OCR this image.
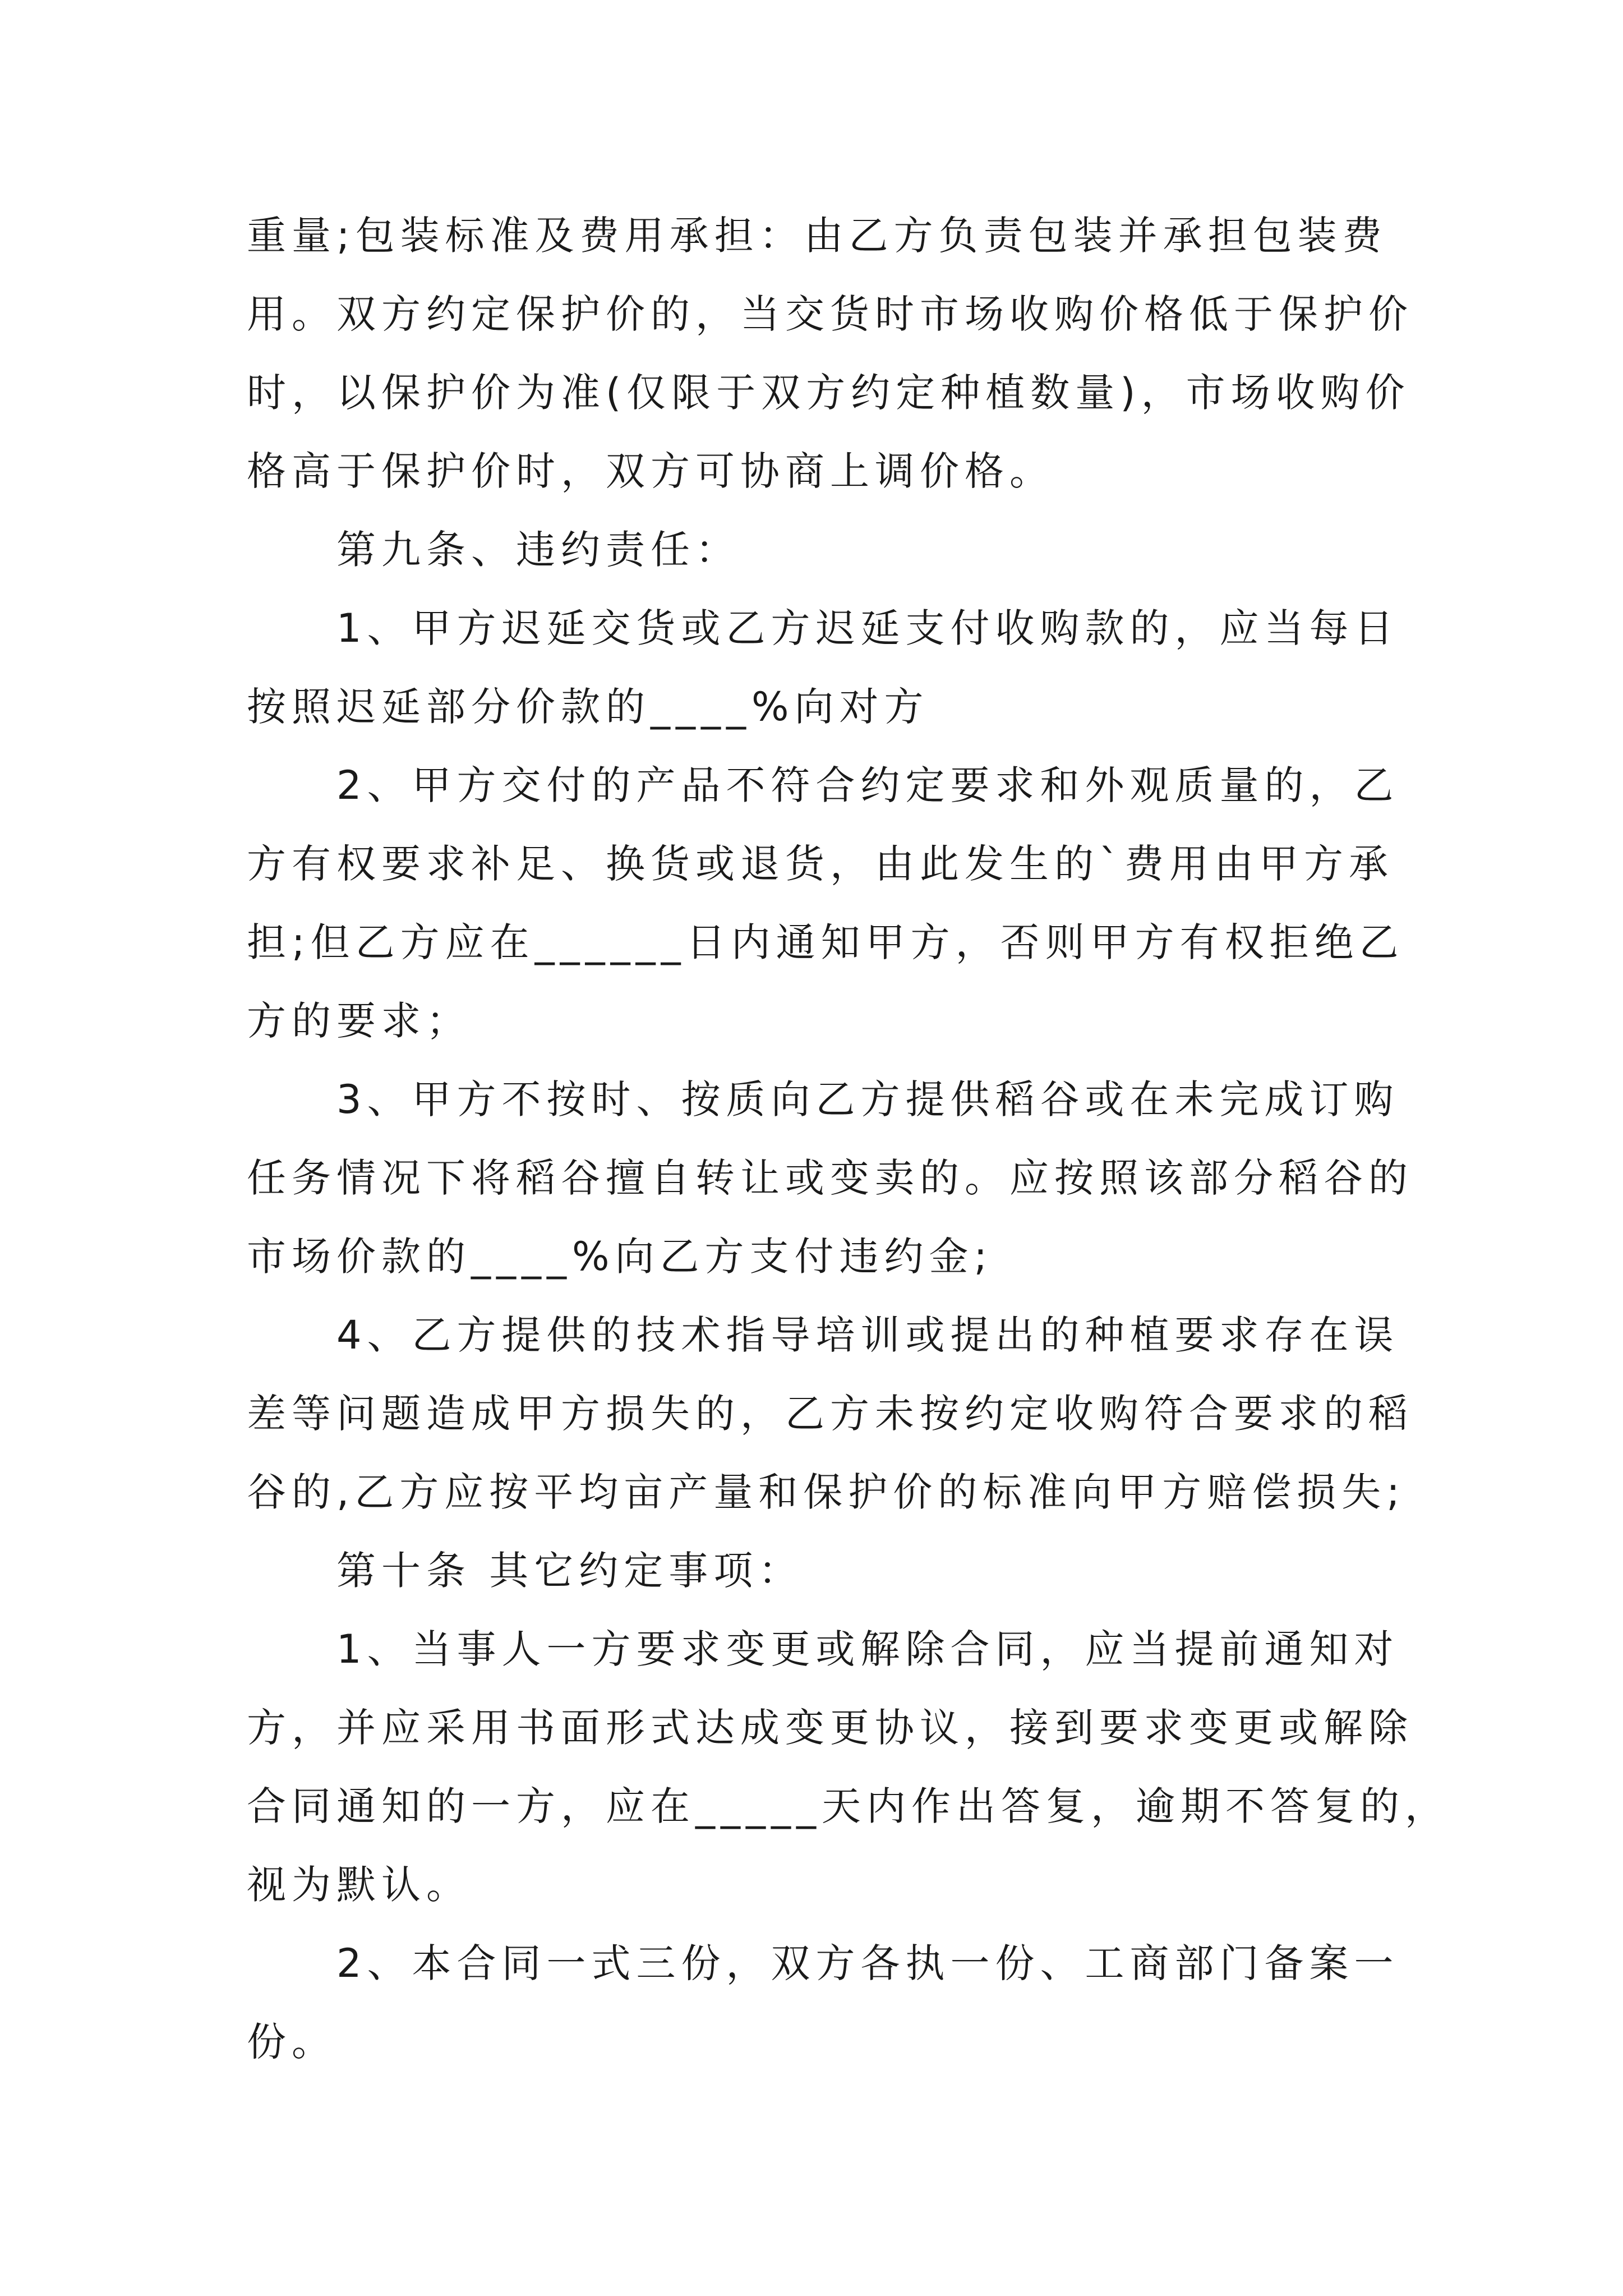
重量;包装标准及费用承担：由乙方负责包装并承担包装费

用。双方约定保护价的，当交货时市场收购价格低于保护价

时，以保护价为准(仅限于双方约定种植数量)，市场收购价

格高于保护价时，双方可协商上调价格。

第九条、违约责任：

1、甲方迟延交货或乙方迟延支付收购款的，应当每日

按照迟延部分价款的____%向对方

2、甲方交付的产品不符合约定要求和外观质量的，乙

方有权要求补足、换货或退货，由此发生的`费用由甲方承

担;但乙方应在______日内通知甲方，否则甲方有权拒绝乙

方的要求；

3、甲方不按时、按质向乙方提供稻谷或在未完成订购

任务情况下将稻谷擅自转让或变卖的。应按照该部分稻谷的

市场价款的____%向乙方支付违约金;

4、乙方提供的技术指导培训或提出的种植要求存在误

差等问题造成甲方损失的，乙方未按约定收购符合要求的稻

谷的,乙方应按平均亩产量和保护价的标准向甲方赔偿损失;

第十条 其它约定事项：

1、当事人一方要求变更或解除合同，应当提前通知对

方，并应采用书面形式达成变更协议，接到要求变更或解除

合同通知的一方，应在_____天内作出答复，逾期不答复的，

视为默认。

2、本合同一式三份，双方各执一份、工商部门备案一

份。
